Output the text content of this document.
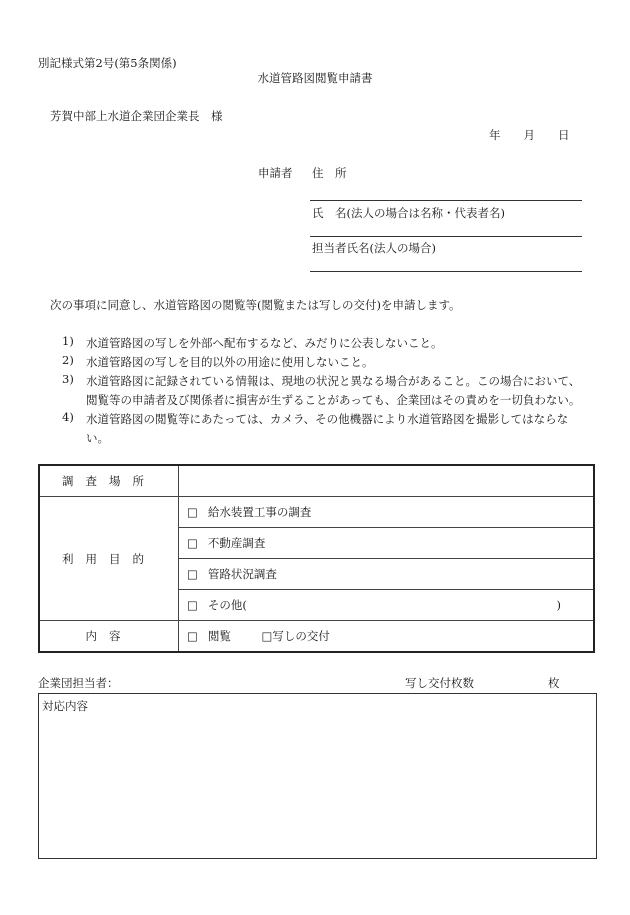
別記様式第2号(第5条関係)
水道管路図閲覧申請書
芳賀中部上水道企業団企業長　様
年　　月　　日
申請者 住　所
氏　名(法人の場合は名称・代表者名)
担当者氏名(法人の場合)
次の事項に同意し、水道管路図の閲覧等(閲覧または写しの交付)を申請します。
1)	水道管路図の写しを外部へ配布するなど、みだりに公表しないこと。
2)	水道管路図の写しを目的以外の用途に使用しないこと。
3)	水道管路図に記録されている情報は、現地の状況と異なる場合があること。この場合において、閲覧等の申請者及び関係者に損害が生ずることがあっても、企業団はその責めを一切負わない。
4)	水道管路図の閲覧等にあたっては、カメラ、その他機器により水道管路図を撮影してはならない。
調査場所	
利用目的	□ 給水装置工事の調査
	□ 不動産調査
	□ 管路状況調査
	□ その他( )

内容	□ 閲覧 □写しの交付
企業団担当者：	写し交付枚数	枚
対応内容
